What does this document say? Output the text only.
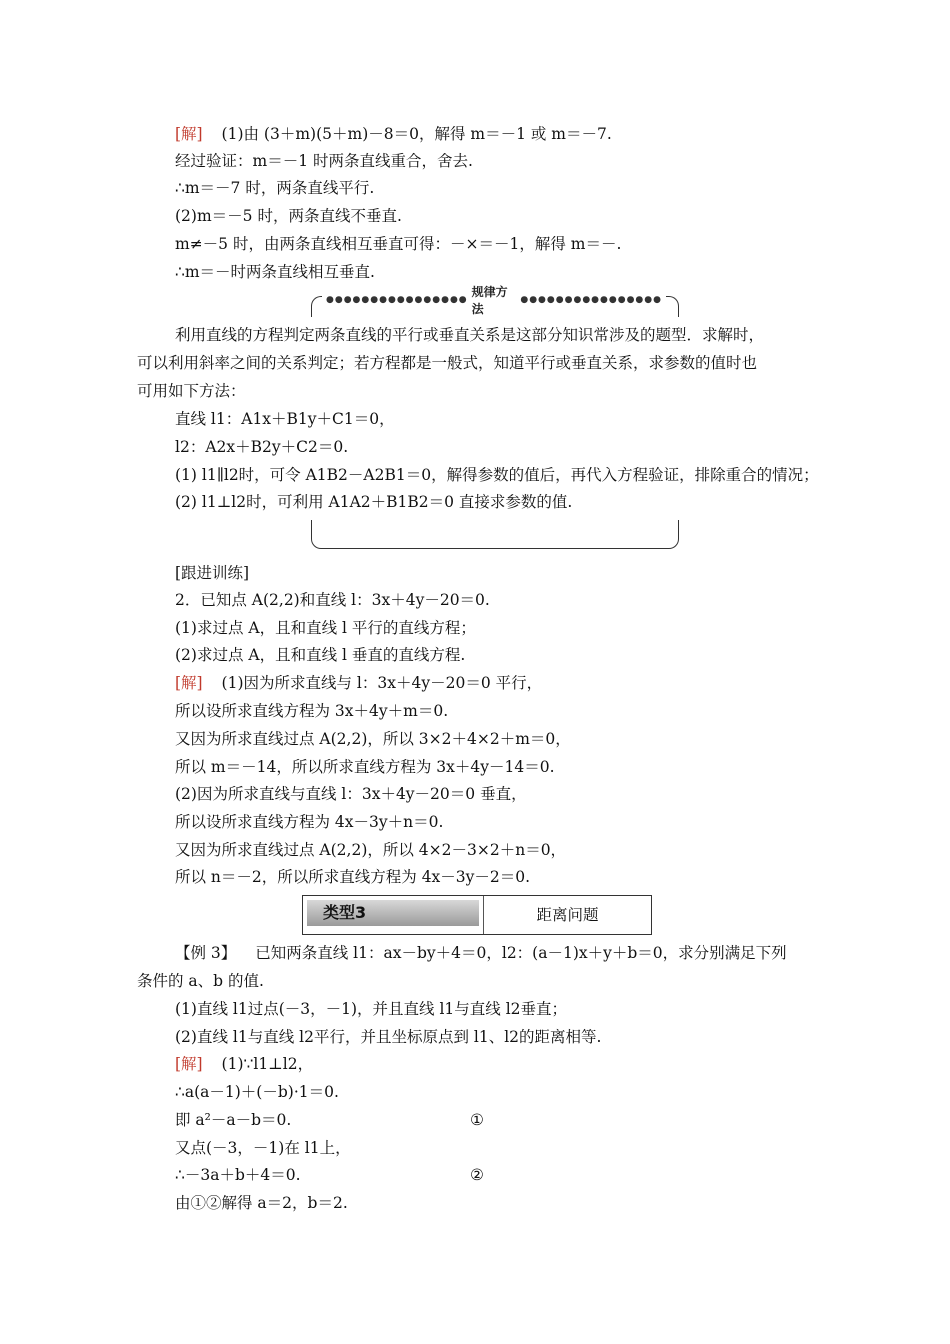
[解] (1)由 (3＋m)(5＋m)－8＝0，解得 m＝－1 或 m＝－7.
经过验证：m＝－1 时两条直线重合，舍去.
∴m＝－7 时，两条直线平行.
(2)m＝－5 时，两条直线不垂直.
m≠－5 时，由两条直线相互垂直可得：－×＝－1，解得 m＝－.
∴m＝－时两条直线相互垂直.
●●●●●●●●●●●●●●●●
规律方法
●●●●●●●●●●●●●●●●
利用直线的方程判定两条直线的平行或垂直关系是这部分知识常涉及的题型．求解时，
可以利用斜率之间的关系判定；若方程都是一般式，知道平行或垂直关系，求参数的值时也
可用如下方法：
直线 l1：A1x＋B1y＋C1＝0，
l2：A2x＋B2y＋C2＝0.
(1) l1∥l2时，可令 A1B2－A2B1＝0，解得参数的值后，再代入方程验证，排除重合的情况；
(2) l1⊥l2时，可利用 A1A2＋B1B2＝0 直接求参数的值.
[跟进训练]
2．已知点 A(2,2)和直线 l：3x＋4y－20＝0.
(1)求过点 A，且和直线 l 平行的直线方程；
(2)求过点 A，且和直线 l 垂直的直线方程.
[解] (1)因为所求直线与 l：3x＋4y－20＝0 平行，
所以设所求直线方程为 3x＋4y＋m＝0.
又因为所求直线过点 A(2,2)，所以 3×2＋4×2＋m＝0，
所以 m＝－14，所以所求直线方程为 3x＋4y－14＝0.
(2)因为所求直线与直线 l：3x＋4y－20＝0 垂直，
所以设所求直线方程为 4x－3y＋n＝0.
又因为所求直线过点 A(2,2)，所以 4×2－3×2＋n＝0，
所以 n＝－2，所以所求直线方程为 4x－3y－2＝0.
类型3	距离问题
【例 3】 已知两条直线 l1：ax－by＋4＝0，l2：(a－1)x＋y＋b＝0，求分别满足下列
条件的 a、b 的值.
(1)直线 l1过点(－3，－1)，并且直线 l1与直线 l2垂直；
(2)直线 l1与直线 l2平行，并且坐标原点到 l1、l2的距离相等.
[解] (1)∵l1⊥l2，
∴a(a－1)＋(－b)·1＝0.
即 a²－a－b＝0.	①
又点(－3，－1)在 l1上，
∴－3a＋b＋4＝0.	②
由①②解得 a＝2，b＝2.
